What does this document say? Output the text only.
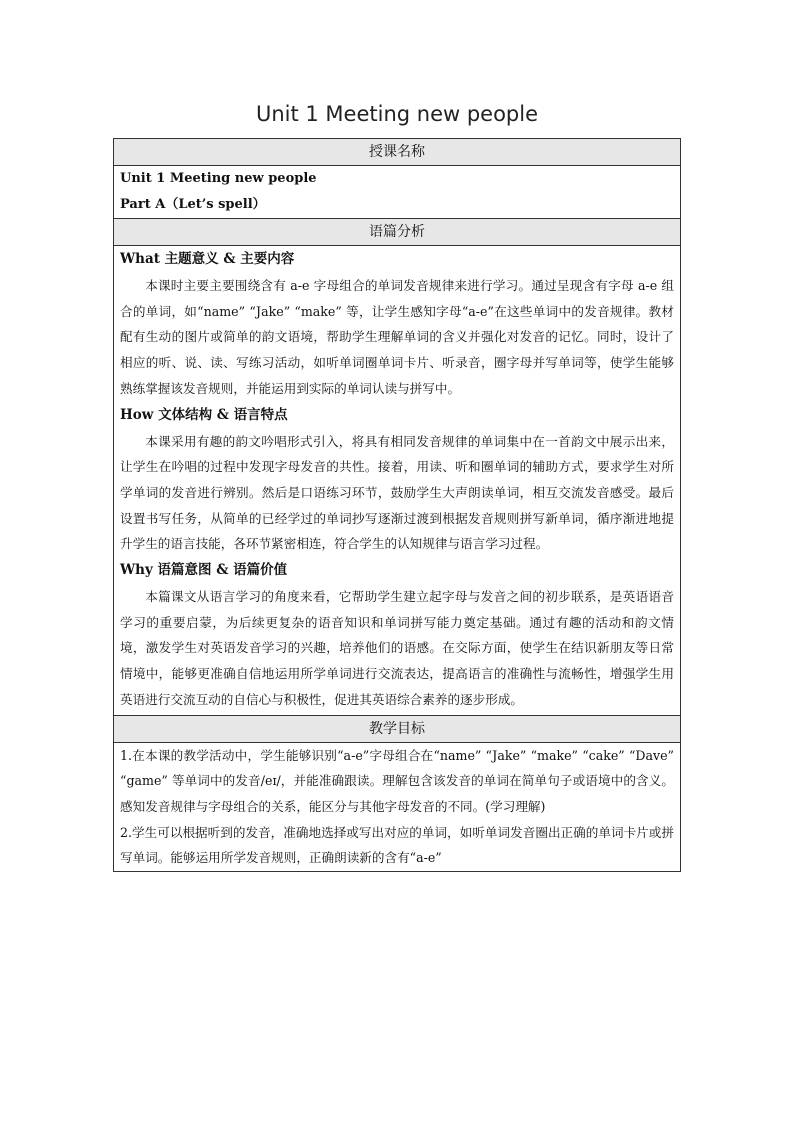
Unit 1 Meeting new people
授课名称

Unit 1 Meeting new people
Part A（Let’s spell）

语篇分析

What 主题意义 & 主要内容

本课时主要主要围绕含有 a-e 字母组合的单词发音规律来进行学习。通过呈现含有字母 a-e 组合的单词，如“name” “Jake” “make” 等，让学生感知字母“a-e”在这些单词中的发音规律。教材配有生动的图片或简单的韵文语境，帮助学生理解单词的含义并强化对发音的记忆。同时，设计了相应的听、说、读、写练习活动，如听单词圈单词卡片、听录音，圈字母并写单词等，使学生能够熟练掌握该发音规则，并能运用到实际的单词认读与拼写中。

How 文体结构 & 语言特点

本课采用有趣的韵文吟唱形式引入，将具有相同发音规律的单词集中在一首韵文中展示出来，让学生在吟唱的过程中发现字母发音的共性。接着，用读、听和圈单词的辅助方式，要求学生对所学单词的发音进行辨别。然后是口语练习环节，鼓励学生大声朗读单词，相互交流发音感受。最后设置书写任务，从简单的已经学过的单词抄写逐渐过渡到根据发音规则拼写新单词，循序渐进地提升学生的语言技能，各环节紧密相连，符合学生的认知规律与语言学习过程。

Why 语篇意图 & 语篇价值

本篇课文从语言学习的角度来看，它帮助学生建立起字母与发音之间的初步联系，是英语语音学习的重要启蒙，为后续更复杂的语音知识和单词拼写能力奠定基础。通过有趣的活动和韵文情境，激发学生对英语发音学习的兴趣，培养他们的语感。在交际方面，使学生在结识新朋友等日常情境中，能够更准确自信地运用所学单词进行交流表达，提高语言的准确性与流畅性，增强学生用英语进行交流互动的自信心与积极性，促进其英语综合素养的逐步形成。

教学目标

1.在本课的教学活动中，学生能够识别“a-e”字母组合在“name” “Jake” “make” “cake” “Dave” “game” 等单词中的发音/eɪ/，并能准确跟读。理解包含该发音的单词在简单句子或语境中的含义。感知发音规律与字母组合的关系，能区分与其他字母发音的不同。(学习理解)

2.学生可以根据听到的发音，准确地选择或写出对应的单词，如听单词发音圈出正确的单词卡片或拼写单词。能够运用所学发音规则，正确朗读新的含有“a-e”
